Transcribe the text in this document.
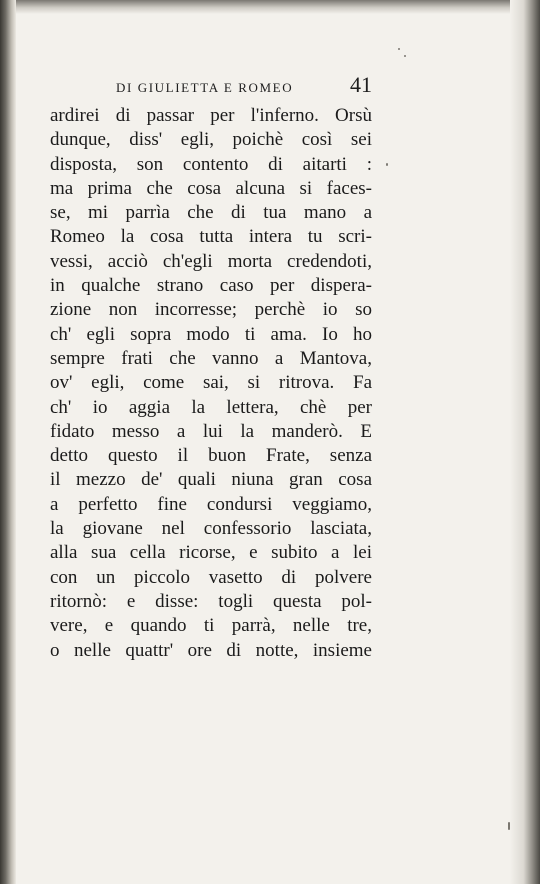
DI GIULIETTA E ROMEO	41
ardirei di passar per l'inferno. Orsù
dunque, diss' egli, poichè così sei
disposta, son contento di aitarti :
ma prima che cosa alcuna si faces-
se, mi parrìa che di tua mano a
Romeo la cosa tutta intera tu scri-
vessi, acciò ch'egli morta credendoti,
in qualche strano caso per dispera-
zione non incorresse; perchè io so
ch' egli sopra modo ti ama. Io ho
sempre frati che vanno a Mantova,
ov' egli, come sai, si ritrova. Fa
ch' io aggia la lettera, chè per
fidato messo a lui la manderò. E
detto questo il buon Frate, senza
il mezzo de' quali niuna gran cosa
a perfetto fine condursi veggiamo,
la giovane nel confessorio lasciata,
alla sua cella ricorse, e subito a lei
con un piccolo vasetto di polvere
ritornò: e disse: togli questa pol-
vere, e quando ti parrà, nelle tre,
o nelle quattr' ore di notte, insieme
